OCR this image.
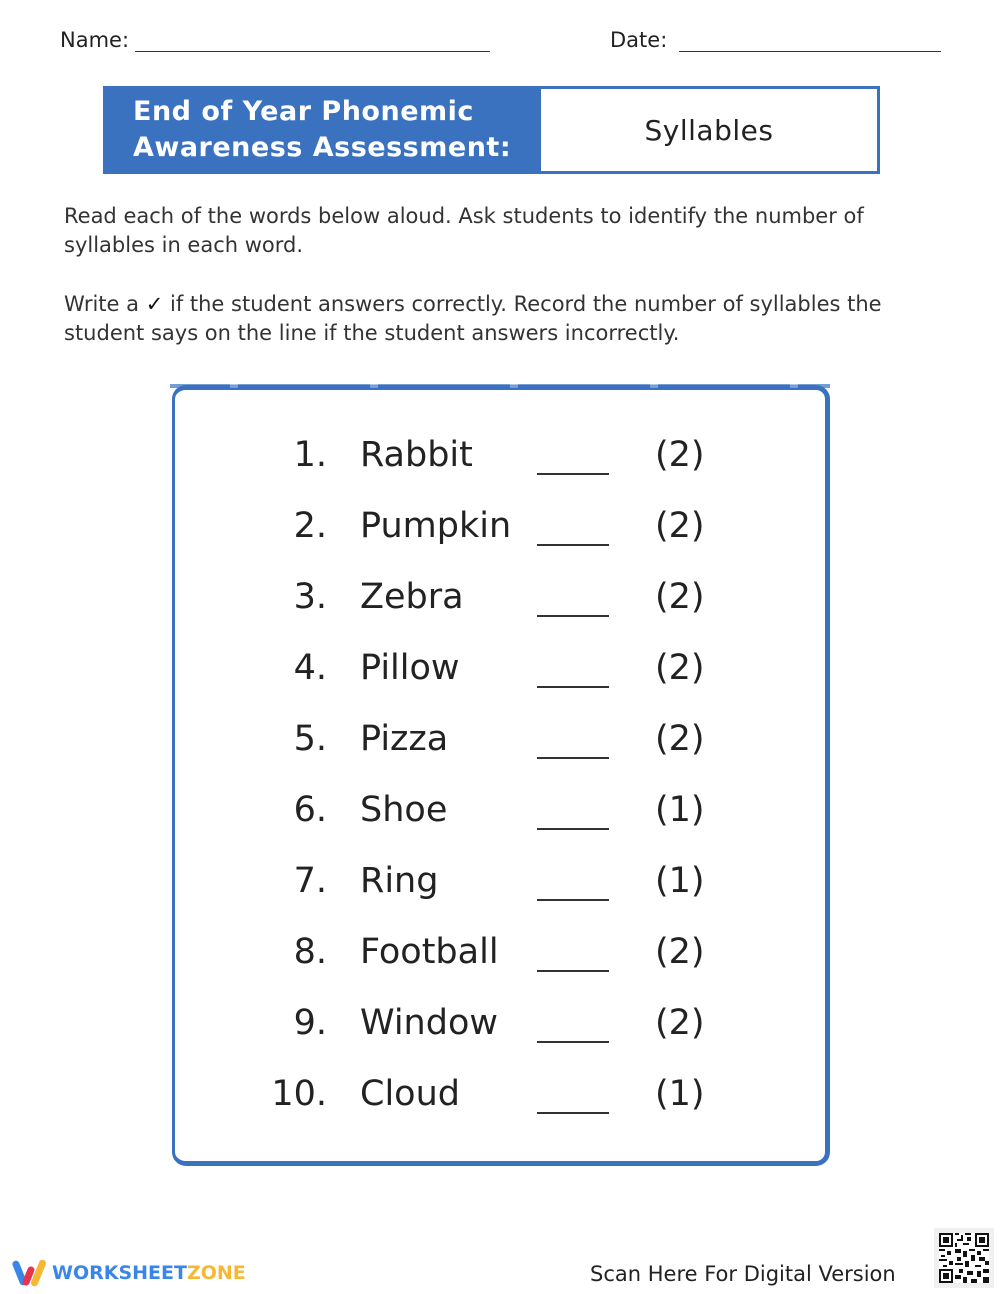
Name:	Date:
End of Year Phonemic
Awareness Assessment:
Syllables

Read each of the words below aloud. Ask students to identify the number of syllables in each word.

Write a ✓ if the student answers correctly. Record the number of syllables the student says on the line if the student answers incorrectly.

1. Rabbit	(2)
2. Pumpkin	(2)
3. Zebra	(2)
4. Pillow	(2)
5. Pizza	(2)
6. Shoe	(1)
7. Ring	(1)
8. Football	(2)
9. Window	(2)
10. Cloud	(1)
WORKSHEETZONE	Scan Here For Digital Version
